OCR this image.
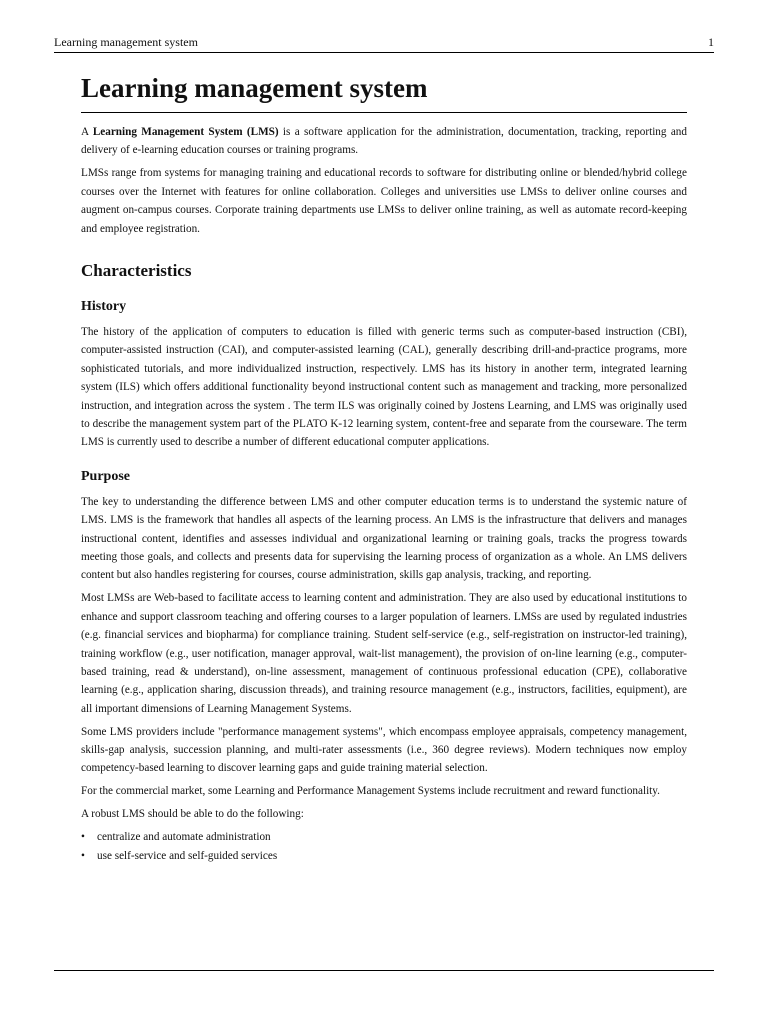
Learning management system	1
Learning management system

A Learning Management System (LMS) is a software application for the administration, documentation, tracking, reporting and delivery of e-learning education courses or training programs.

LMSs range from systems for managing training and educational records to software for distributing online or blended/hybrid college courses over the Internet with features for online collaboration. Colleges and universities use LMSs to deliver online courses and augment on-campus courses. Corporate training departments use LMSs to deliver online training, as well as automate record-keeping and employee registration.

Characteristics
History

The history of the application of computers to education is filled with generic terms such as computer-based instruction (CBI), computer-assisted instruction (CAI), and computer-assisted learning (CAL), generally describing drill-and-practice programs, more sophisticated tutorials, and more individualized instruction, respectively. LMS has its history in another term, integrated learning system (ILS) which offers additional functionality beyond instructional content such as management and tracking, more personalized instruction, and integration across the system . The term ILS was originally coined by Jostens Learning, and LMS was originally used to describe the management system part of the PLATO K-12 learning system, content-free and separate from the courseware. The term LMS is currently used to describe a number of different educational computer applications.

Purpose

The key to understanding the difference between LMS and other computer education terms is to understand the systemic nature of LMS. LMS is the framework that handles all aspects of the learning process. An LMS is the infrastructure that delivers and manages instructional content, identifies and assesses individual and organizational learning or training goals, tracks the progress towards meeting those goals, and collects and presents data for supervising the learning process of organization as a whole. An LMS delivers content but also handles registering for courses, course administration, skills gap analysis, tracking, and reporting.

Most LMSs are Web-based to facilitate access to learning content and administration. They are also used by educational institutions to enhance and support classroom teaching and offering courses to a larger population of learners. LMSs are used by regulated industries (e.g. financial services and biopharma) for compliance training. Student self-service (e.g., self-registration on instructor-led training), training workflow (e.g., user notification, manager approval, wait-list management), the provision of on-line learning (e.g., computer-based training, read & understand), on-line assessment, management of continuous professional education (CPE), collaborative learning (e.g., application sharing, discussion threads), and training resource management (e.g., instructors, facilities, equipment), are all important dimensions of Learning Management Systems.

Some LMS providers include "performance management systems", which encompass employee appraisals, competency management, skills-gap analysis, succession planning, and multi-rater assessments (i.e., 360 degree reviews). Modern techniques now employ competency-based learning to discover learning gaps and guide training material selection.

For the commercial market, some Learning and Performance Management Systems include recruitment and reward functionality.

A robust LMS should be able to do the following:

• centralize and automate administration
• use self-service and self-guided services
